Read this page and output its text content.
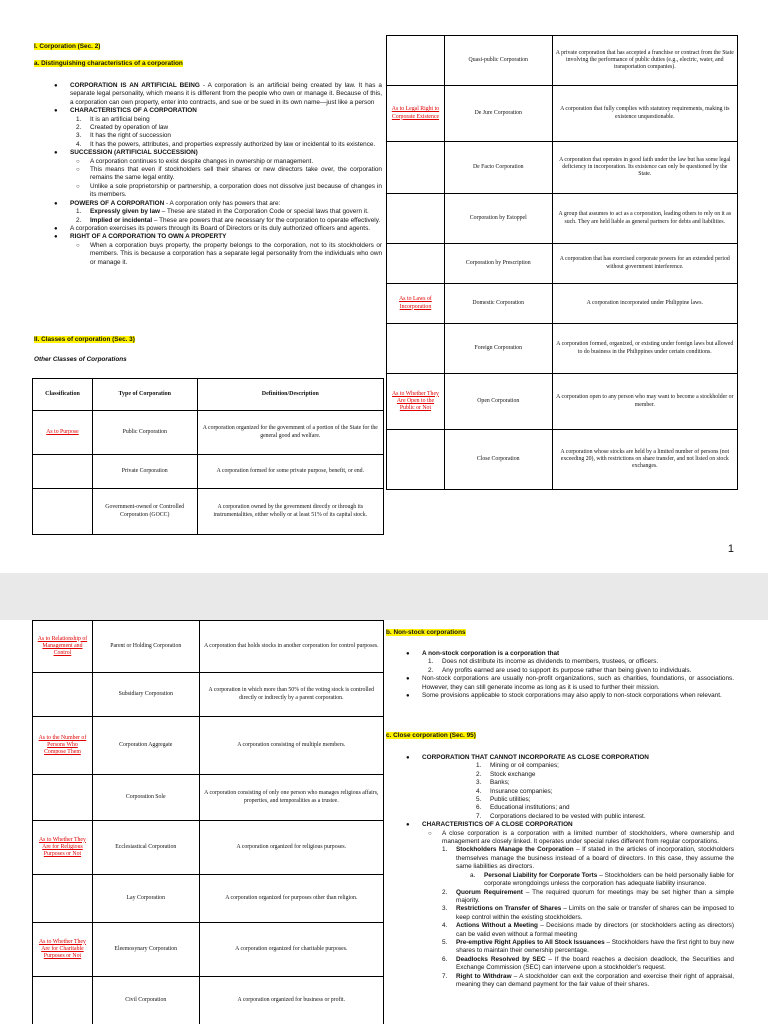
I. Corporation (Sec. 2)
a. Distinguishing characteristics of a corporation
● CORPORATION IS AN ARTIFICIAL BEING - A corporation is an artificial being created by law. It has a separate legal personality, which means it is different from the people who own or manage it. Because of this, a corporation can own property, enter into contracts, and sue or be sued in its own name—just like a person
● CHARACTERISTICS OF A CORPORATION
1. It is an artificial being
2. Created by operation of law
3. It has the right of succession
4. It has the powers, attributes, and properties expressly authorized by law or incidental to its existence.
● SUCCESSION (ARTIFICIAL SUCCESSION)
○ A corporation continues to exist despite changes in ownership or management.
○ This means that even if stockholders sell their shares or new directors take over, the corporation remains the same legal entity.
○ Unlike a sole proprietorship or partnership, a corporation does not dissolve just because of changes in its members.
● POWERS OF A CORPORATION - A corporation only has powers that are:
1. Expressly given by law – These are stated in the Corporation Code or special laws that govern it.
2. Implied or incidental – These are powers that are necessary for the corporation to operate effectively.
● A corporation exercises its powers through its Board of Directors or its duly authorized officers and agents.
● RIGHT OF A CORPORATION TO OWN A PROPERTY
○ When a corporation buys property, the property belongs to the corporation, not to its stockholders or members. This is because a corporation has a separate legal personality from the individuals who own or manage it.
II. Classes of corporation (Sec. 3)
Other Classes of Corporations
Classification	Type of Corporation	Definition/Description
As to Purpose	Public Corporation	A corporation organized for the government of a portion of the State for the general good and welfare.
	Private Corporation	A corporation formed for some private purpose, benefit, or end.
	Government-owned or Controlled Corporation (GOCC)	A corporation owned by the government directly or through its instrumentalities, either wholly or at least 51% of its capital stock.
	Quasi-public Corporation	A private corporation that has accepted a franchise or contract from the State involving the performance of public duties (e.g., electric, water, and transportation companies).
As to Legal Right to Corporate Existence	De Jure Corporation	A corporation that fully complies with statutory requirements, making its existence unquestionable.
	De Facto Corporation	A corporation that operates in good faith under the law but has some legal deficiency in incorporation. Its existence can only be questioned by the State.
	Corporation by Estoppel	A group that assumes to act as a corporation, leading others to rely on it as such. They are held liable as general partners for debts and liabilities.
	Corporation by Prescription	A corporation that has exercised corporate powers for an extended period without government interference.
As to Laws of Incorporation	Domestic Corporation	A corporation incorporated under Philippine laws.
	Foreign Corporation	A corporation formed, organized, or existing under foreign laws but allowed to do business in the Philippines under certain conditions.
As to Whether They Are Open to the Public or Not	Open Corporation	A corporation open to any person who may want to become a stockholder or member.
	Close Corporation	A corporation whose stocks are held by a limited number of persons (not exceeding 20), with restrictions on share transfer, and not listed on stock exchanges.
1
As to Relationship of Management and Control	Parent or Holding Corporation	A corporation that holds stocks in another corporation for control purposes.
	Subsidiary Corporation	A corporation in which more than 50% of the voting stock is controlled directly or indirectly by a parent corporation.
As to the Number of Persons Who Compose Them	Corporation Aggregate	A corporation consisting of multiple members.
	Corporation Sole	A corporation consisting of only one person who manages religious affairs, properties, and temporalities as a trustee.
As to Whether They Are for Religious Purposes or Not	Ecclesiastical Corporation	A corporation organized for religious purposes.
	Lay Corporation	A corporation organized for purposes other than religion.
As to Whether They Are for Charitable Purposes or Not	Eleemosynary Corporation	A corporation organized for charitable purposes.
	Civil Corporation	A corporation organized for business or profit.
b. Non-stock corporations
● A non-stock corporation is a corporation that
1. Does not distribute its income as dividends to members, trustees, or officers.
2. Any profits earned are used to support its purpose rather than being given to individuals.
● Non-stock corporations are usually non-profit organizations, such as charities, foundations, or associations. However, they can still generate income as long as it is used to further their mission.
● Some provisions applicable to stock corporations may also apply to non-stock corporations when relevant.
c. Close corporation (Sec. 95)
● CORPORATION THAT CANNOT INCORPORATE AS CLOSE CORPORATION
1. Mining or oil companies;
2. Stock exchange
3. Banks;
4. Insurance companies;
5. Public utilities;
6. Educational institutions; and
7. Corporations declared to be vested with public interest.
● CHARACTERISTICS OF A CLOSE CORPORATION
○ A close corporation is a corporation with a limited number of stockholders, where ownership and management are closely linked. It operates under special rules different from regular corporations.
1. Stockholders Manage the Corporation – If stated in the articles of incorporation, stockholders themselves manage the business instead of a board of directors. In this case, they assume the same liabilities as directors.
a. Personal Liability for Corporate Torts – Stockholders can be held personally liable for corporate wrongdoings unless the corporation has adequate liability insurance.
2. Quorum Requirement – The required quorum for meetings may be set higher than a simple majority.
3. Restrictions on Transfer of Shares – Limits on the sale or transfer of shares can be imposed to keep control within the existing stockholders.
4. Actions Without a Meeting – Decisions made by directors (or stockholders acting as directors) can be valid even without a formal meeting
5. Pre-emptive Right Applies to All Stock Issuances – Stockholders have the first right to buy new shares to maintain their ownership percentage.
6. Deadlocks Resolved by SEC – If the board reaches a decision deadlock, the Securities and Exchange Commission (SEC) can intervene upon a stockholder's request.
7. Right to Withdraw – A stockholder can exit the corporation and exercise their right of appraisal, meaning they can demand payment for the fair value of their shares.
